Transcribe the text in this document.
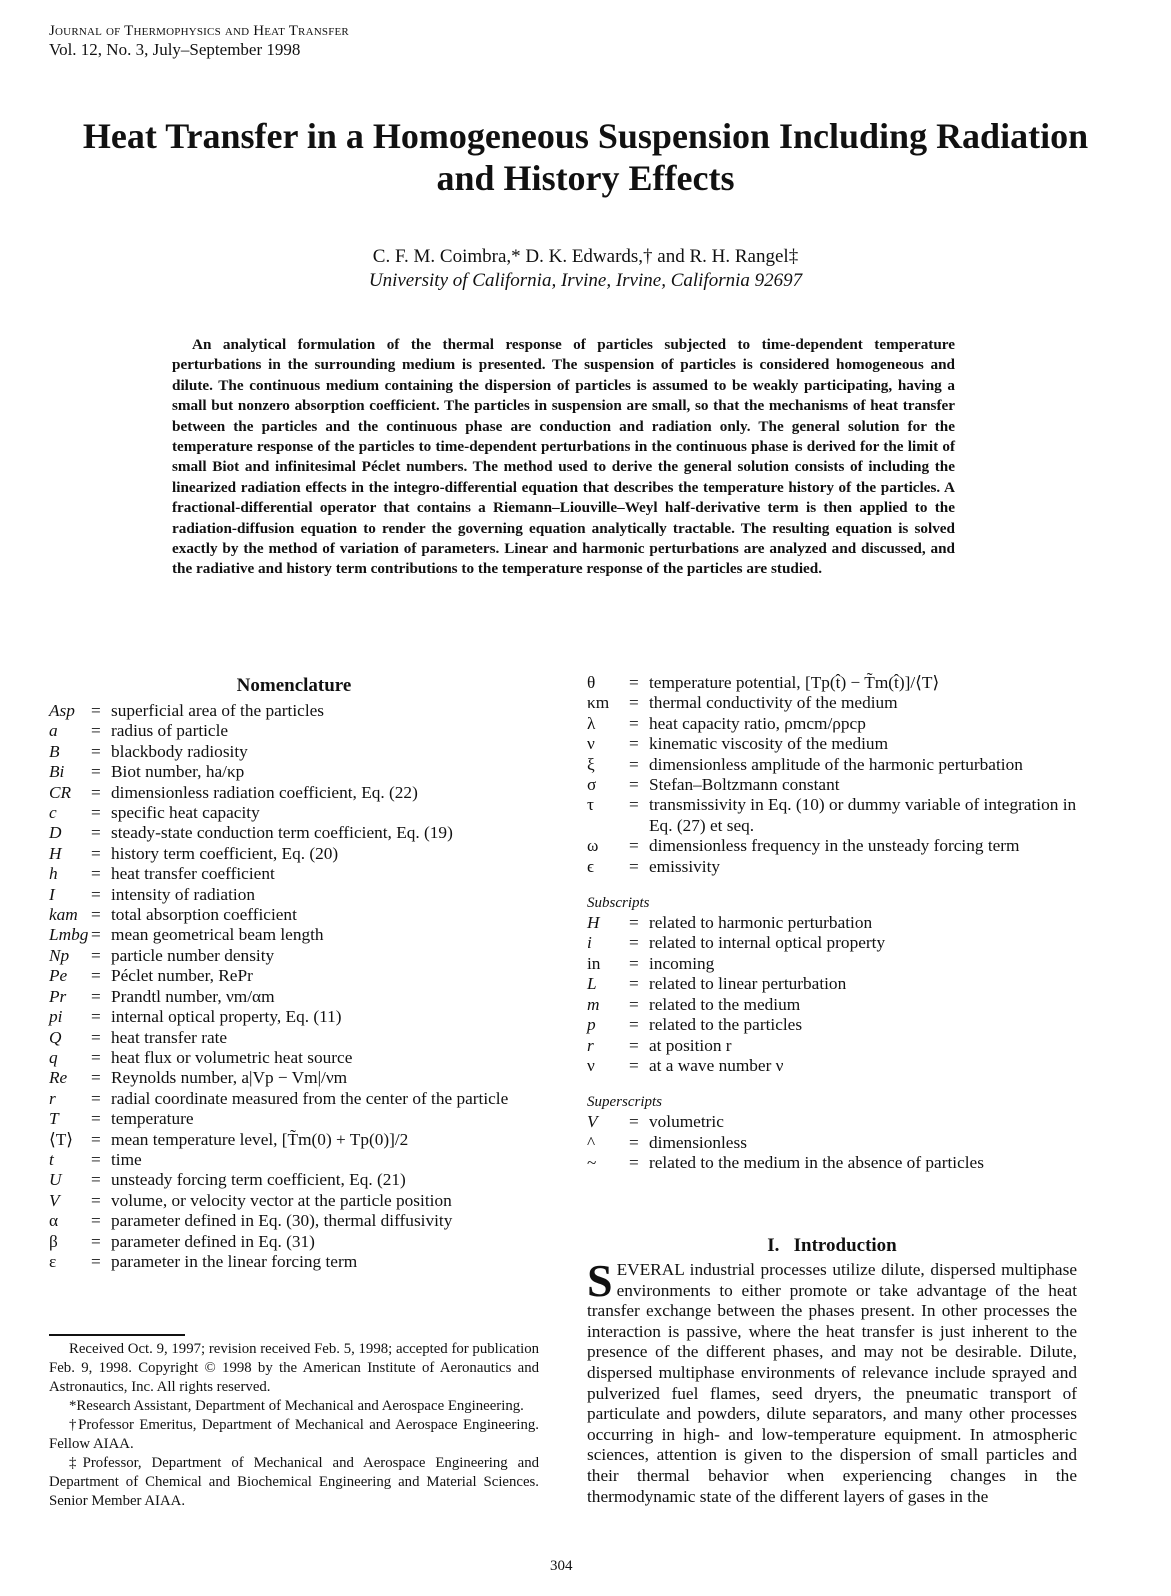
Journal of Thermophysics and Heat Transfer
Vol. 12, No. 3, July–September 1998
Heat Transfer in a Homogeneous Suspension Including Radiation and History Effects
C. F. M. Coimbra,* D. K. Edwards,† and R. H. Rangel‡
University of California, Irvine, Irvine, California 92697
An analytical formulation of the thermal response of particles subjected to time-dependent temperature perturbations in the surrounding medium is presented. The suspension of particles is considered homogeneous and dilute. The continuous medium containing the dispersion of particles is assumed to be weakly participating, having a small but nonzero absorption coefficient. The particles in suspension are small, so that the mechanisms of heat transfer between the particles and the continuous phase are conduction and radiation only. The general solution for the temperature response of the particles to time-dependent perturbations in the continuous phase is derived for the limit of small Biot and infinitesimal Péclet numbers. The method used to derive the general solution consists of including the linearized radiation effects in the integro-differential equation that describes the temperature history of the particles. A fractional-differential operator that contains a Riemann–Liouville–Weyl half-derivative term is then applied to the radiation-diffusion equation to render the governing equation analytically tractable. The resulting equation is solved exactly by the method of variation of parameters. Linear and harmonic perturbations are analyzed and discussed, and the radiative and history term contributions to the temperature response of the particles are studied.
Nomenclature
Asp = superficial area of the particles
a	= radius of particle
B	= blackbody radiosity
Bi	= Biot number, ha/κp
CR	= dimensionless radiation coefficient, Eq. (22)
c	= specific heat capacity
D	= steady-state conduction term coefficient, Eq. (19)
H	= history term coefficient, Eq. (20)
h	= heat transfer coefficient
I	= intensity of radiation
kam = total absorption coefficient
Lmbg = mean geometrical beam length
Np	= particle number density
Pe	= Péclet number, RePr
Pr	= Prandtl number, νm/αm
pi	= internal optical property, Eq. (11)
Q	= heat transfer rate
q	= heat flux or volumetric heat source
Re	= Reynolds number, a|Vp − Vm|/νm
r	= radial coordinate measured from the center of the particle
T	= temperature
⟨T⟩	= mean temperature level, [T̃m(0) + Tp(0)]/2
t	= time
U	= unsteady forcing term coefficient, Eq. (21)
V	= volume, or velocity vector at the particle position
α	= parameter defined in Eq. (30), thermal diffusivity
β	= parameter defined in Eq. (31)
ε	= parameter in the linear forcing term
θ	= temperature potential, [Tp(t̂) − T̃m(t̂)]/⟨T⟩
κm	= thermal conductivity of the medium
λ	= heat capacity ratio, ρmcm/ρpcp
ν	= kinematic viscosity of the medium
ξ	= dimensionless amplitude of the harmonic perturbation
σ	= Stefan–Boltzmann constant
τ	= transmissivity in Eq. (10) or dummy variable of integration in Eq. (27) et seq.
ω	= dimensionless frequency in the unsteady forcing term
ϵ	= emissivity
Subscripts
H	= related to harmonic perturbation
i	= related to internal optical property
in	= incoming
L	= related to linear perturbation
m	= related to the medium
p	= related to the particles
r	= at position r
ν	= at a wave number ν
Superscripts
V	= volumetric
^	= dimensionless
~	= related to the medium in the absence of particles
I.   Introduction
SEVERAL industrial processes utilize dilute, dispersed multiphase environments to either promote or take advantage of the heat transfer exchange between the phases present. In other processes the interaction is passive, where the heat transfer is just inherent to the presence of the different phases, and may not be desirable. Dilute, dispersed multiphase environments of relevance include sprayed and pulverized fuel flames, seed dryers, the pneumatic transport of particulate and powders, dilute separators, and many other processes occurring in high- and low-temperature equipment. In atmospheric sciences, attention is given to the dispersion of small particles and their thermal behavior when experiencing changes in the thermodynamic state of the different layers of gases in the

Received Oct. 9, 1997; revision received Feb. 5, 1998; accepted for publication Feb. 9, 1998. Copyright © 1998 by the American Institute of Aeronautics and Astronautics, Inc. All rights reserved.

*Research Assistant, Department of Mechanical and Aerospace Engineering.

†Professor Emeritus, Department of Mechanical and Aerospace Engineering. Fellow AIAA.

‡Professor, Department of Mechanical and Aerospace Engineering and Department of Chemical and Biochemical Engineering and Material Sciences. Senior Member AIAA.

304
